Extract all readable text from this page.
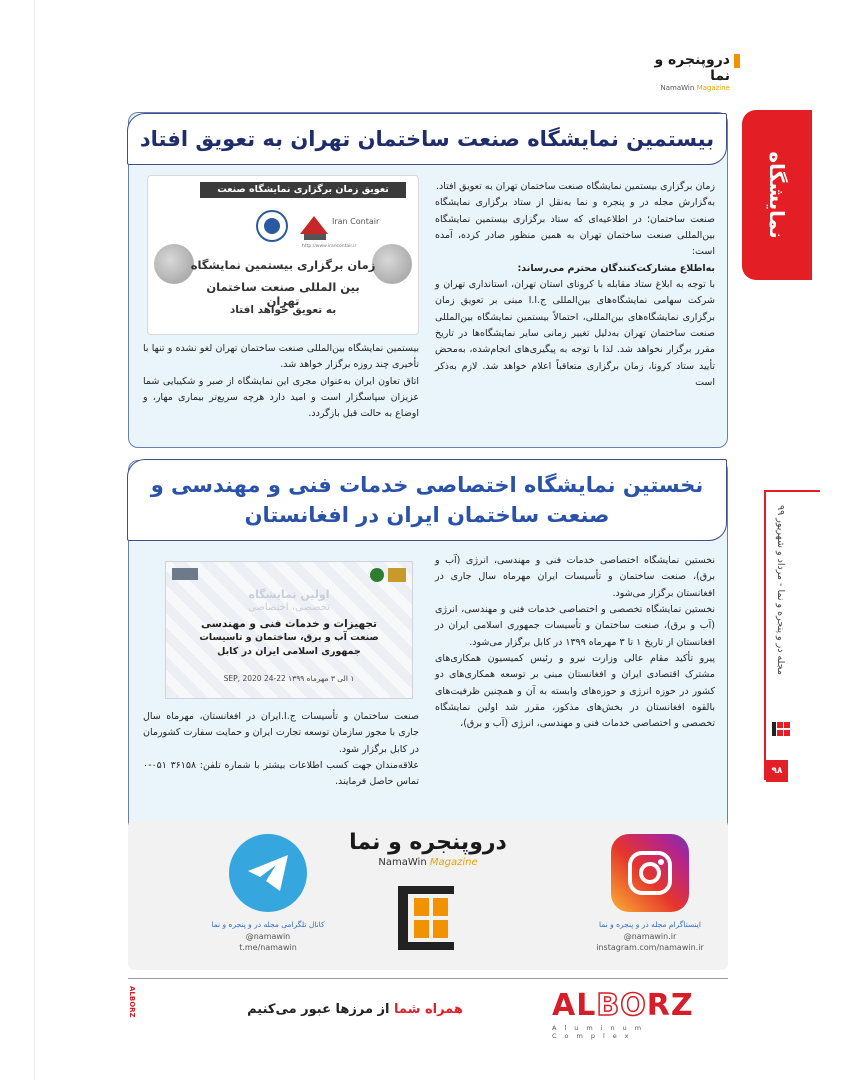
دروپنجره و نما
NamaWin Magazine
نمایشگاه
مجله در و پنجره و نما - مرداد و شهریور ۹۹
۹۸
بیستمین نمایشگاه صنعت ساختمان تهران به تعویق افتاد
تعویق زمان برگزاری نمایشگاه صنعت ساختمان
Iran Contair
http://www.irancontair.ir
زمان برگزاری بیستمین نمایشگاه
بین المللی صنعت ساختمان تهران
به تعویق خواهد افتاد

زمان برگزاری بیستمین نمایشگاه صنعت ساختمان تهران به تعویق افتاد.

به‌گزارش مجله در و پنجره و نما به‌نقل از ستاد برگزاری نمایشگاه صنعت ساختمان؛ در اطلاعیه‌ای که ستاد برگزاری بیستمین نمایشگاه بین‌المللی صنعت ساختمان تهران به همین منظور صادر کرده، آمده است:

به‌اطلاع مشارکت‌کنندگان محترم می‌رساند:

با توجه به ابلاغ ستاد مقابله با کرونای استان تهران، استانداری تهران و شرکت سهامی نمایشگاه‌های بین‌المللی ج.ا.ا مبنی بر تعویق زمان برگزاری نمایشگاه‌های بین‌المللی، احتمالاً بیستمین نمایشگاه بین‌المللی صنعت ساختمان تهران به‌دلیل تغییر زمانی سایر نمایشگاه‌ها در تاریخ مقرر برگزار نخواهد شد. لذا با توجه به پیگیری‌های انجام‌شده، به‌محض تأیید ستاد کرونا، زمان برگزاری متعاقباً اعلام خواهد شد. لازم به‌ذکر است

بیستمین نمایشگاه بین‌المللی صنعت ساختمان تهران لغو نشده و تنها با تأخیری چند روزه برگزار خواهد شد.

اتاق تعاون ایران به‌عنوان مجری این نمایشگاه از صبر و شکیبایی شما عزیزان سپاسگزار است و امید دارد هرچه سریع‌تر بیماری مهار، و اوضاع به حالت قبل بازگردد.

نخستین نمایشگاه اختصاصی خدمات فنی و مهندسی و صنعت ساختمان ایران در افغانستان
اولین نمایشگاه
تخصصی، اختصاصی
تجهیزات و خدمات فنی و مهندسی
صنعت آب و برق، ساختمان و تاسیسات
جمهوری اسلامی ایران در کابل
۱ الی ۳ مهرماه ۱۳۹۹ 22-24 SEP, 2020

نخستین نمایشگاه اختصاصی خدمات فنی و مهندسی، انرژی (آب و برق)، صنعت ساختمان و تأسیسات ایران مهرماه سال جاری در افغانستان برگزار می‌شود.

نخستین نمایشگاه تخصصی و اختصاصی خدمات فنی و مهندسی، انرژی (آب و برق)، صنعت ساختمان و تأسیسات جمهوری اسلامی ایران در افغانستان از تاریخ ۱ تا ۳ مهرماه ۱۳۹۹ در کابل برگزار می‌شود.

پیرو تأکید مقام عالی وزارت نیرو و رئیس کمیسیون همکاری‌های مشترک اقتصادی ایران و افغانستان مبنی بر توسعه همکاری‌های دو کشور در حوزه انرژی و حوزه‌های وابسته به آن و همچنین ظرفیت‌های بالقوه افغانستان در بخش‌های مذکور، مقرر شد اولین نمایشگاه تخصصی و اختصاصی خدمات فنی و مهندسی، انرژی (آب و برق)،

صنعت ساختمان و تأسیسات ج.ا.ایران در افغانستان، مهرماه سال جاری با مجوز سازمان توسعه تجارت ایران و حمایت سفارت کشورمان در کابل برگزار شود.

علاقه‌مندان جهت کسب اطلاعات بیشتر با شماره تلفن: ۳۶۱۵۸ ۰۵۱-۰ تماس حاصل فرمایند.

کانال تلگرامی مجله در و پنجره و نما
@namawin
t.me/namawin
دروپنجره و نما
NamaWin Magazine
اینستاگرام مجله در و پنجره و نما
@namawin.ir
instagram.com/namawin.ir
ALBORZ	همراه شما از مرزها عبور می‌کنیم	ALBORZ
Aluminum Complex
